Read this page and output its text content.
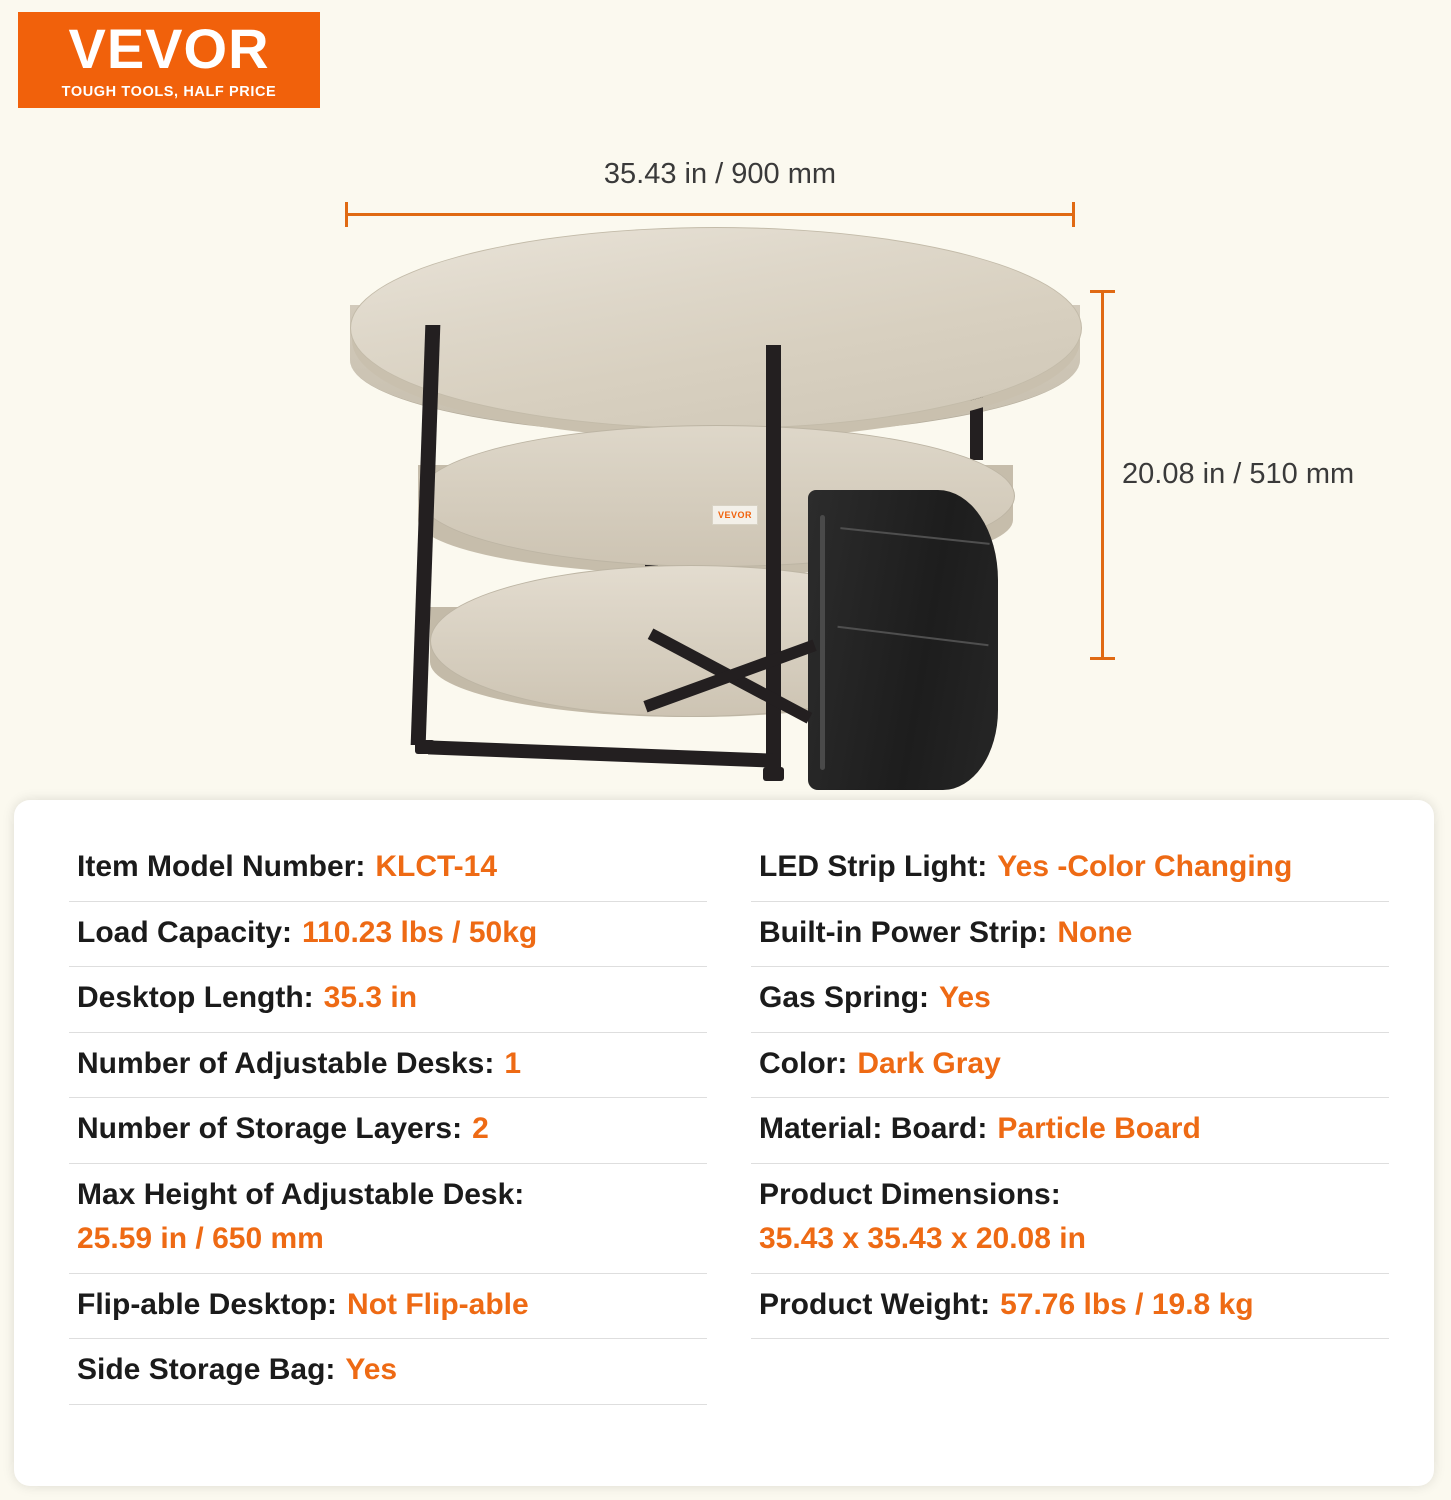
VEVOR
TOUGH TOOLS, HALF PRICE
35.43 in / 900 mm
20.08 in / 510 mm
VEVOR
Item Model Number: KLCT-14
Load Capacity: 110.23 lbs / 50kg
Desktop Length: 35.3 in
Number of Adjustable Desks: 1
Number of Storage Layers: 2
Max Height of Adjustable Desk:
25.59 in / 650 mm
Flip-able Desktop: Not Flip-able
Side Storage Bag: Yes
LED Strip Light: Yes -Color Changing
Built-in Power Strip: None
Gas Spring: Yes
Color: Dark Gray
Material: Board: Particle Board
Product Dimensions:
35.43 x 35.43 x 20.08 in
Product Weight: 57.76 lbs / 19.8 kg
